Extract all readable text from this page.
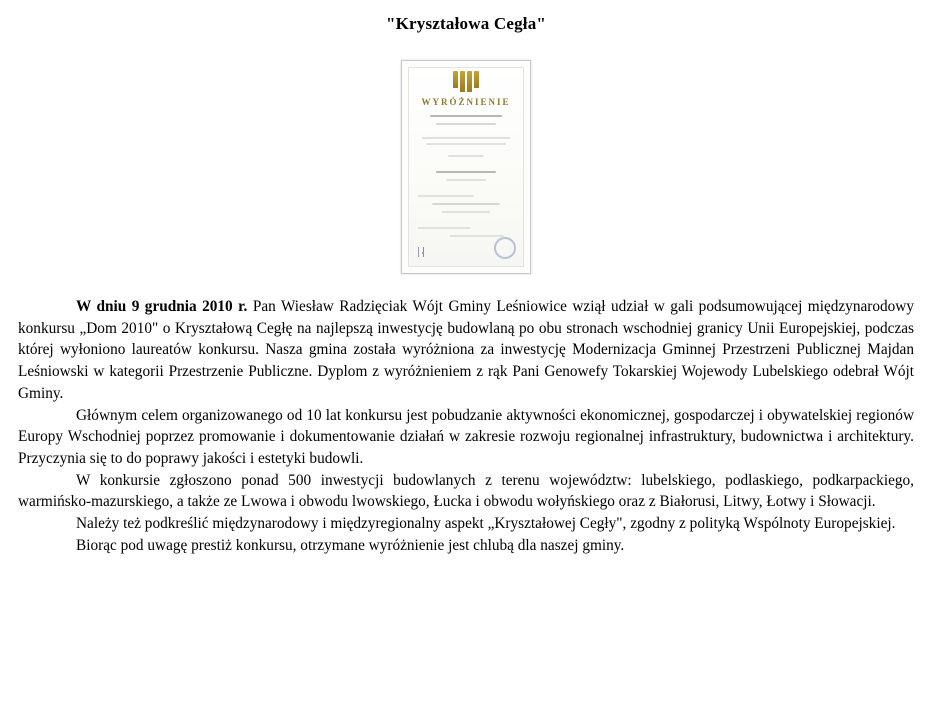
"Kryształowa Cegła"
WYRÓŻNIENIE

W dniu 9 grudnia 2010 r. Pan Wiesław Radzięciak Wójt Gminy Leśniowice wziął udział w gali podsumowującej międzynarodowy konkursu „Dom 2010" o Kryształową Cegłę na najlepszą inwestycję budowlaną po obu stronach wschodniej granicy Unii Europejskiej, podczas której wyłoniono laureatów konkursu. Nasza gmina została wyróżniona za inwestycję Modernizacja Gminnej Przestrzeni Publicznej Majdan Leśniowski w kategorii Przestrzenie Publiczne. Dyplom z wyróżnieniem z rąk Pani Genowefy Tokarskiej Wojewody Lubelskiego odebrał Wójt Gminy.

Głównym celem organizowanego od 10 lat konkursu jest pobudzanie aktywności ekonomicznej, gospodarczej i obywatelskiej regionów Europy Wschodniej poprzez promowanie i dokumentowanie działań w zakresie rozwoju regionalnej infrastruktury, budownictwa i architektury. Przyczynia się to do poprawy jakości i estetyki budowli.

W konkursie zgłoszono ponad 500 inwestycji budowlanych z terenu województw: lubelskiego, podlaskiego, podkarpackiego, warmińsko-mazurskiego, a także ze Lwowa i obwodu lwowskiego, Łucka i obwodu wołyńskiego oraz z Białorusi, Litwy, Łotwy i Słowacji.

Należy też podkreślić międzynarodowy i międzyregionalny aspekt „Kryształowej Cegły", zgodny z polityką Wspólnoty Europejskiej.

Biorąc pod uwagę prestiż konkursu, otrzymane wyróżnienie jest chlubą dla naszej gminy.
